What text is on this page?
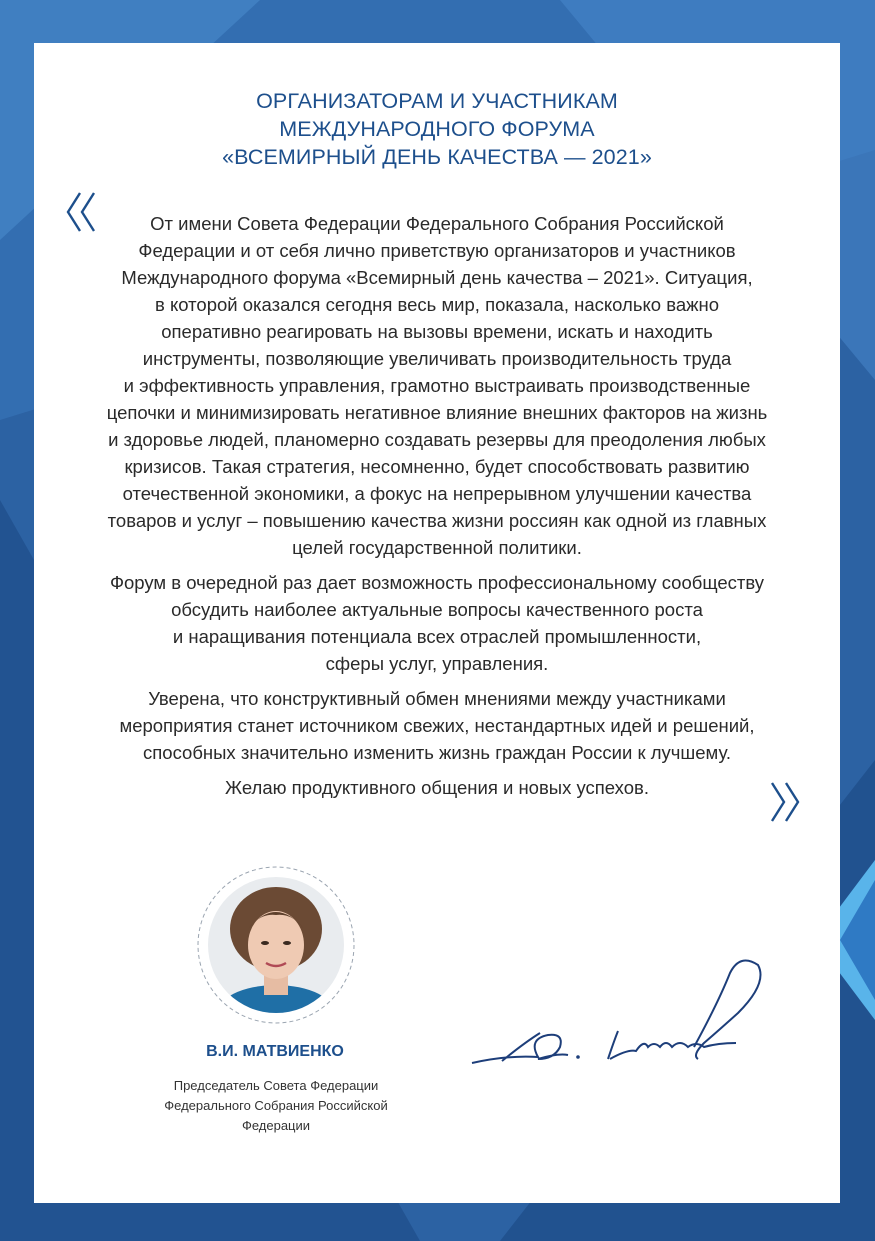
ОРГАНИЗАТОРАМ И УЧАСТНИКАМ
МЕЖДУНАРОДНОГО ФОРУМА
«ВСЕМИРНЫЙ ДЕНЬ КАЧЕСТВА — 2021»

От имени Совета Федерации Федерального Собрания Российской
Федерации и от себя лично приветствую организаторов и участников
Международного форума «Всемирный день качества – 2021». Ситуация,
в которой оказался сегодня весь мир, показала, насколько важно
оперативно реагировать на вызовы времени, искать и находить
инструменты, позволяющие увеличивать производительность труда
и эффективность управления, грамотно выстраивать производственные
цепочки и минимизировать негативное влияние внешних факторов на жизнь
и здоровье людей, планомерно создавать резервы для преодоления любых
кризисов. Такая стратегия, несомненно, будет способствовать развитию
отечественной экономики, а фокус на непрерывном улучшении качества
товаров и услуг – повышению качества жизни россиян как одной из главных
целей государственной политики.

Форум в очередной раз дает возможность профессиональному сообществу
обсудить наиболее актуальные вопросы качественного роста
и наращивания потенциала всех отраслей промышленности,
сферы услуг, управления.

Уверена, что конструктивный обмен мнениями между участниками
мероприятия станет источником свежих, нестандартных идей и решений,
способных значительно изменить жизнь граждан России к лучшему.

Желаю продуктивного общения и новых успехов.

В.И. МАТВИЕНКО
Председатель Совета Федерации
Федерального Собрания Российской
Федерации
